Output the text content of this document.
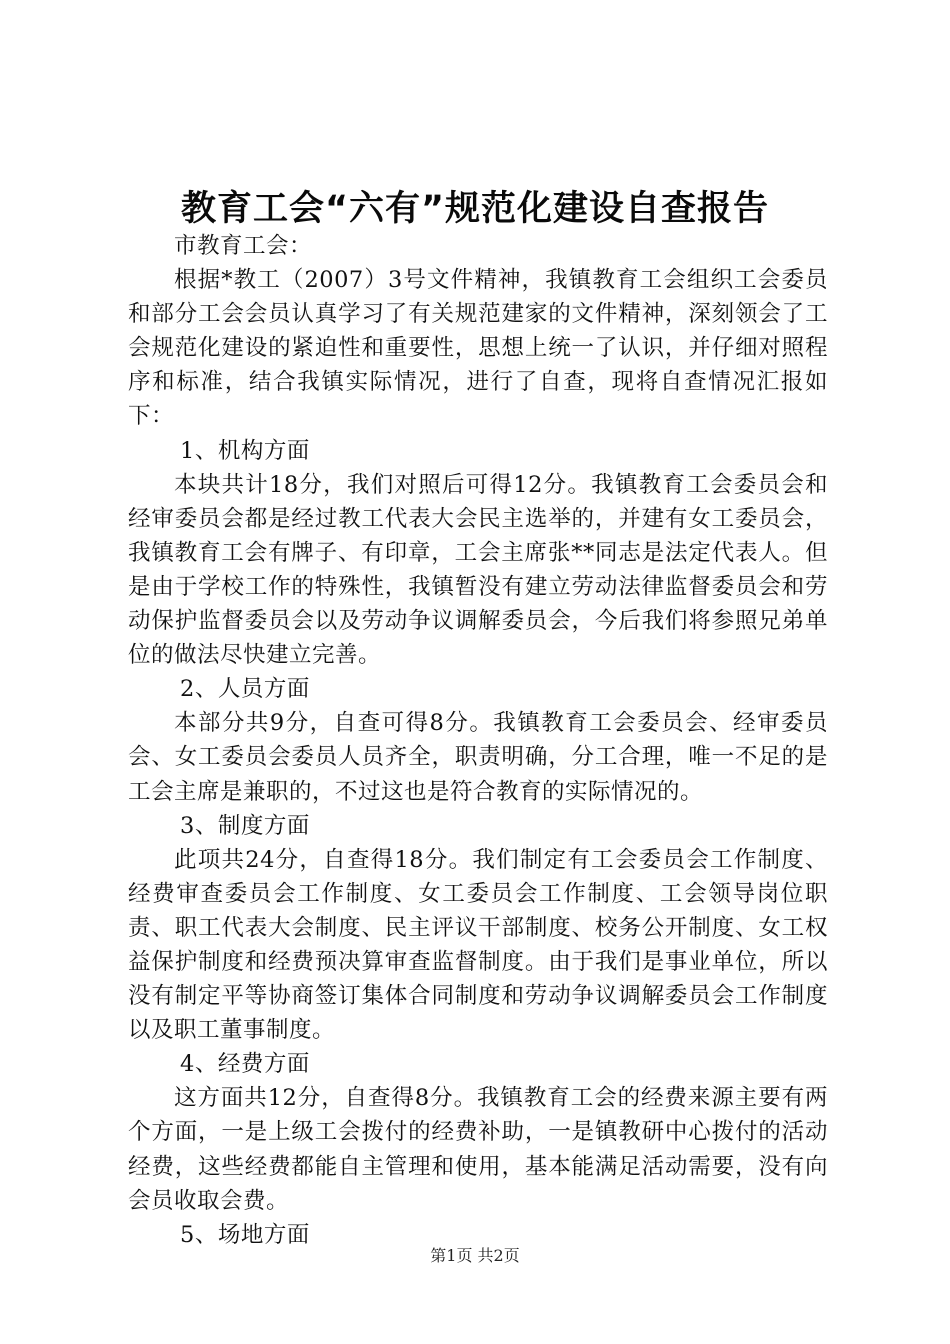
教育工会“六有”规范化建设自查报告

市教育工会：

根据*教工（2007）3号文件精神，我镇教育工会组织工会委员和部分工会会员认真学习了有关规范建家的文件精神，深刻领会了工会规范化建设的紧迫性和重要性，思想上统一了认识，并仔细对照程序和标准，结合我镇实际情况，进行了自查，现将自查情况汇报如下：

1、机构方面

本块共计18分，我们对照后可得12分。我镇教育工会委员会和经审委员会都是经过教工代表大会民主选举的，并建有女工委员会，我镇教育工会有牌子、有印章，工会主席张**同志是法定代表人。但是由于学校工作的特殊性，我镇暂没有建立劳动法律监督委员会和劳动保护监督委员会以及劳动争议调解委员会，今后我们将参照兄弟单位的做法尽快建立完善。

2、人员方面

本部分共9分，自查可得8分。我镇教育工会委员会、经审委员会、女工委员会委员人员齐全，职责明确，分工合理，唯一不足的是工会主席是兼职的，不过这也是符合教育的实际情况的。

3、制度方面

此项共24分，自查得18分。我们制定有工会委员会工作制度、经费审查委员会工作制度、女工委员会工作制度、工会领导岗位职责、职工代表大会制度、民主评议干部制度、校务公开制度、女工权益保护制度和经费预决算审查监督制度。由于我们是事业单位，所以没有制定平等协商签订集体合同制度和劳动争议调解委员会工作制度以及职工董事制度。

4、经费方面

这方面共12分，自查得8分。我镇教育工会的经费来源主要有两个方面，一是上级工会拨付的经费补助，一是镇教研中心拨付的活动经费，这些经费都能自主管理和使用，基本能满足活动需要，没有向会员收取会费。

5、场地方面

第1页 共2页
